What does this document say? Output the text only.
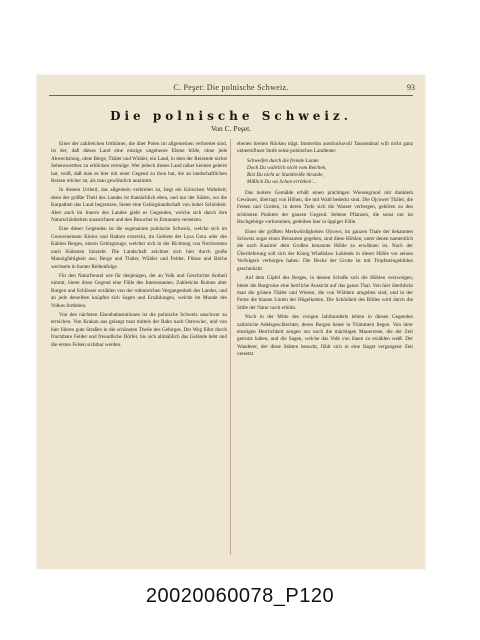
C. Peşet: Die polnische Schweiz.	93
Die polnische Schweiz.
Von C. Peşet.

Einer der zahlreichen Irrthümer, die über Polen im allgemeinen verbreitet sind, ist der, daß dieses Land eine einzige ungeheure Ebene bilde, ohne jede Abwechslung, ohne Berge, Thäler und Wälder, ein Land, in dem der Reisende nichts Sehenswerthes zu erblicken vermöge. Wer jedoch dieses Land näher kennen gelernt hat, weiß, daß man es hier mit einer Gegend zu thun hat, die an landschaftlichen Reizen reicher ist, als man gewöhnlich annimmt.

In diesem Urtheil, das allgemein verbreitet ist, liegt ein Körnchen Wahrheit; denn der größte Theil des Landes ist thatsächlich eben, und nur der Süden, wo die Karpathen das Land begrenzen, bietet eine Gebirgslandschaft von hoher Schönheit. Aber auch im Innern des Landes giebt es Gegenden, welche sich durch ihre Naturschönheiten auszeichnen und den Besucher in Erstaunen versetzen.

Eine dieser Gegenden ist die sogenannte polnische Schweiz, welche sich im Gouvernement Kielce und Radom erstreckt, im Gebiete der Lysa Gora oder des Kahlen Berges, einem Gebirgszuge, welcher sich in der Richtung von Nordwesten nach Südosten hinzieht. Die Landschaft zeichnet sich hier durch große Mannigfaltigkeit aus; Berge und Thäler, Wälder und Felder, Flüsse und Bäche wechseln in bunter Reihenfolge.

Für den Naturfreund wie für denjenigen, der an Volk und Geschichte Antheil nimmt, bietet diese Gegend eine Fülle des Interessanten. Zahlreiche Ruinen alter Burgen und Schlösser erzählen von der ruhmreichen Vergangenheit des Landes, und an jede derselben knüpfen sich Sagen und Erzählungen, welche im Munde des Volkes fortleben.

Von den nächsten Eisenbahnstationen ist die polnische Schweiz unschwer zu erreichen. Von Krakau aus gelangt man mittels der Bahn nach Ostrowiec, und von hier führen gute Straßen in die schönsten Theile des Gebirges. Der Weg führt durch fruchtbare Felder und freundliche Dörfer, bis sich allmählich das Gelände hebt und die ersten Felsen sichtbar werden.

ebenen breiten Rücken trägt. Immerhin ausdrucksvoll Tausendmal will nicht ganz unbeeinflusst Stufe seine polnischen Landleute:

Schweifen durch die fremde Lande
Doch Du wahrlich nicht vom Reichen,
Bist Du nicht ur Stumbreiße Strunde,
Mißlich Du wo Schon erröthen'...

Das heitere Gemälde erhält einen prächtigen Wiesengrund mit dunklem Gewässer, überragt von Höhen, die mit Wald bedeckt sind. Die Ojcower Thäler, die Felsen und Grotten, in deren Tiefe sich die Wasser verbergen, gehören zu den schönsten Punkten der ganzen Gegend. Seltene Pflanzen, die sonst nur im Hochgebirge vorkommen, gedeihen hier in üppiger Fülle.

Einer der größten Merkwürdigkeiten Ojcows, im ganzen Thale der bekannten Schweiz sogar einen Beinamen gegeben, sind diese Höhlen, unter denen namentlich die nach Kasimir dem Großen benannte Höhle zu erwähnen ist. Nach der Überlieferung soll sich der König Wladislaw Lokietek in dieser Höhle vor seinen Verfolgern verborgen haben. Die Decke der Grotte ist mit Tropfsteingebilden geschmückt.

Auf dem Gipfel des Berges, in dessen Schoße sich die Höhlen verzweigen, bietet die Burgruine eine herrliche Aussicht auf das ganze Thal. Von hier überblickt man die grünen Thäler und Wiesen, die von Wäldern umgeben sind, und in der Ferne die blauen Linien der Hügelketten. Die Schönheit des Bildes wird durch die Stille der Natur noch erhöht.

Noch in der Mitte des vorigen Jahrhunderts lebten in diesen Gegenden zahlreiche Adelsgeschlechter, deren Burgen heute in Trümmern liegen. Von ihrer einstigen Herrlichkeit zeugen nur noch die mächtigen Mauerreste, die der Zeit getrotzt haben, und die Sagen, welche das Volk von ihnen zu erzählen weiß. Der Wanderer, der diese Stätten besucht, fühlt sich in eine längst vergangene Zeit versetzt.

20020060078_P120
